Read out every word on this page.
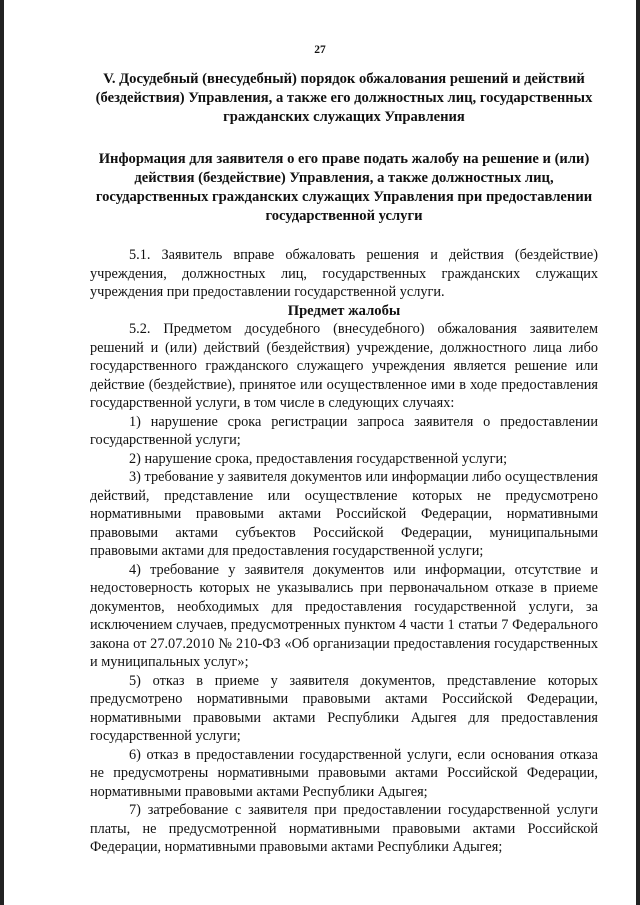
27

V. Досудебный (внесудебный) порядок обжалования решений и действий (бездействия) Управления, а также его должностных лиц, государственных гражданских служащих Управления

Информация для заявителя о его праве подать жалобу на решение и (или) действия (бездействие) Управления, а также должностных лиц, государственных гражданских служащих Управления при предоставлении государственной услуги

5.1. Заявитель вправе обжаловать решения и действия (бездействие) учреждения, должностных лиц, государственных гражданских служащих учреждения при предоставлении государственной услуги.

Предмет жалобы

5.2. Предметом досудебного (внесудебного) обжалования заявителем решений и (или) действий (бездействия) учреждение, должностного лица либо государственного гражданского служащего учреждения является решение или действие (бездействие), принятое или осуществленное ими в ходе предоставления государственной услуги, в том числе в следующих случаях:

1) нарушение срока регистрации запроса заявителя о предоставлении государственной услуги;

2) нарушение срока, предоставления государственной услуги;

3) требование у заявителя документов или информации либо осуществления действий, представление или осуществление которых не предусмотрено нормативными правовыми актами Российской Федерации, нормативными правовыми актами субъектов Российской Федерации, муниципальными правовыми актами для предоставления государственной услуги;

4) требование у заявителя документов или информации, отсутствие и недостоверность которых не указывались при первоначальном отказе в приеме документов, необходимых для предоставления государственной услуги, за исключением случаев, предусмотренных пунктом 4 части 1 статьи 7 Федерального закона от 27.07.2010 № 210-ФЗ «Об организации предоставления государственных и муниципальных услуг»;

5) отказ в приеме у заявителя документов, представление которых предусмотрено нормативными правовыми актами Российской Федерации, нормативными правовыми актами Республики Адыгея для предоставления государственной услуги;

6) отказ в предоставлении государственной услуги, если основания отказа не предусмотрены нормативными правовыми актами Российской Федерации, нормативными правовыми актами Республики Адыгея;

7) затребование с заявителя при предоставлении государственной услуги платы, не предусмотренной нормативными правовыми актами Российской Федерации, нормативными правовыми актами Республики Адыгея;
